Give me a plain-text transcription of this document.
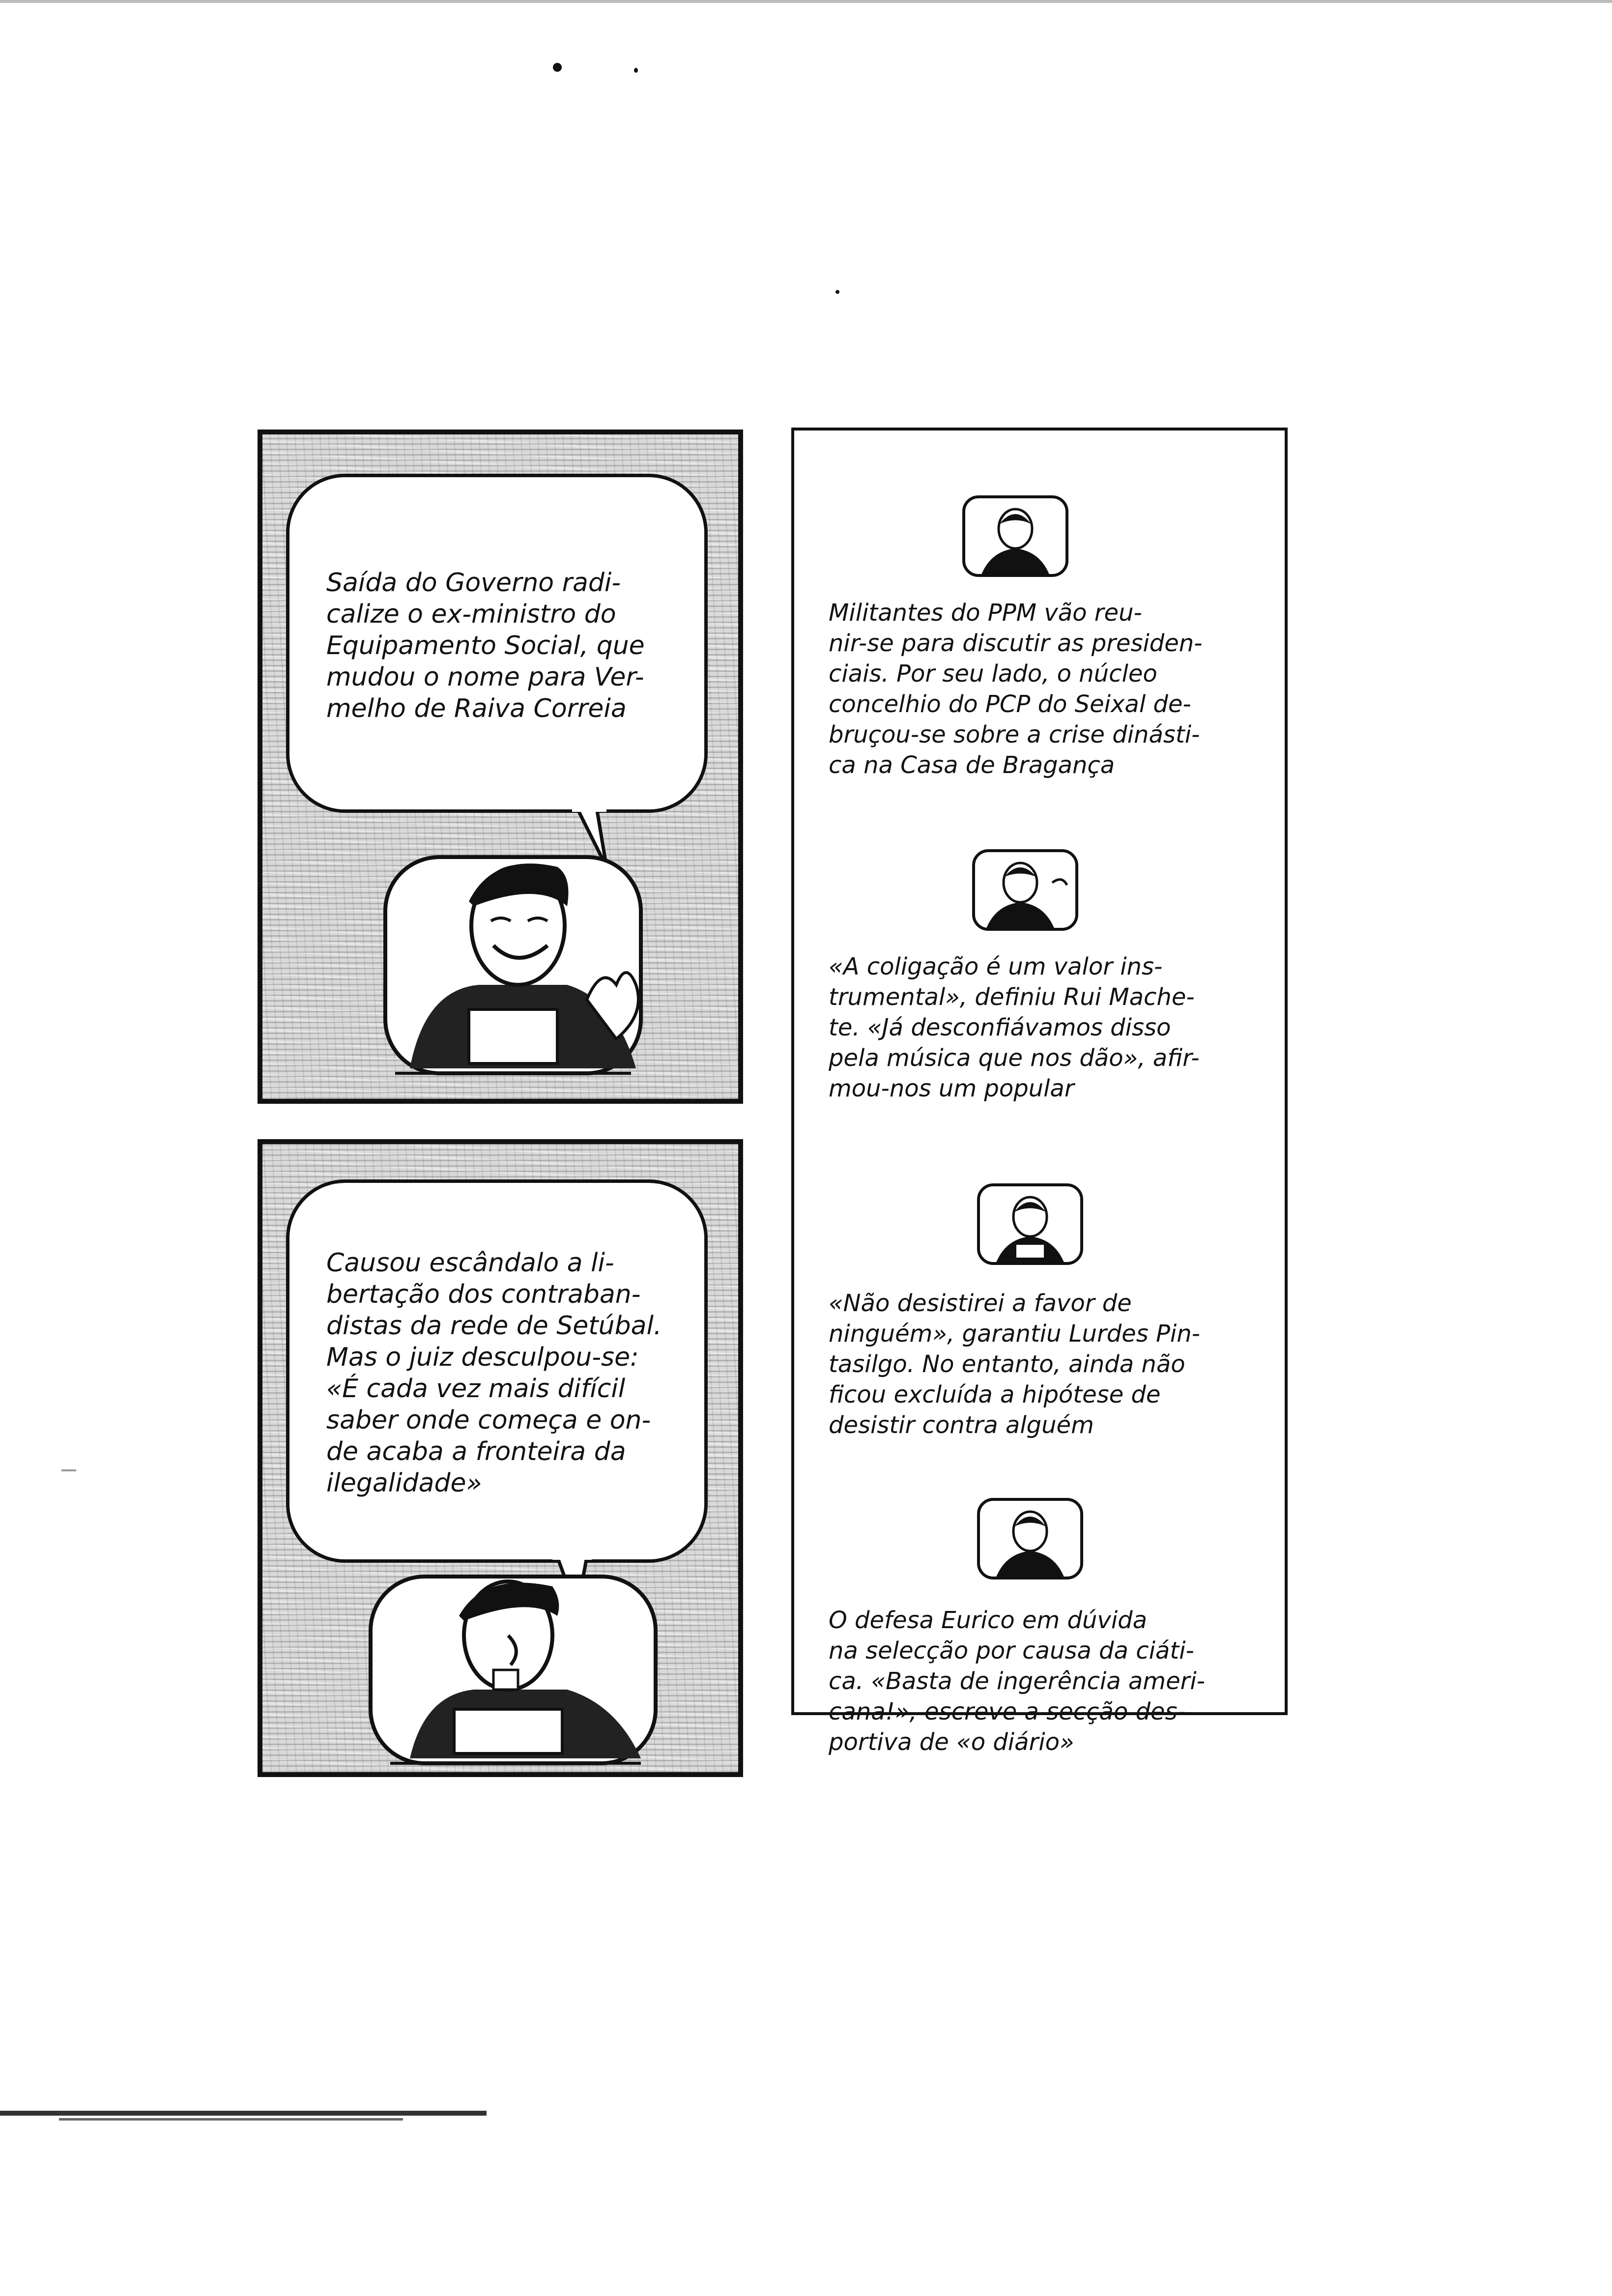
Saída do Governo radi-
calize o ex-ministro do
Equipamento Social, que
mudou o nome para Ver-
melho de Raiva Correia

Causou escândalo a li-
bertação dos contraban-
distas da rede de Setúbal.
Mas o juiz desculpou-se:
«É cada vez mais difícil
saber onde começa e on-
de acaba a fronteira da
ilegalidade»

Militantes do PPM vão reu-
nir-se para discutir as presiden-
ciais. Por seu lado, o núcleo
concelhio do PCP do Seixal de-
bruçou-se sobre a crise dinásti-
ca na Casa de Bragança

«A coligação é um valor ins-
trumental», definiu Rui Mache-
te. «Já desconfiávamos disso
pela música que nos dão», afir-
mou-nos um popular

«Não desistirei a favor de
ninguém», garantiu Lurdes Pin-
tasilgo. No entanto, ainda não
ficou excluída a hipótese de
desistir contra alguém

O defesa Eurico em dúvida
na selecção por causa da ciáti-
ca. «Basta de ingerência ameri-
cana!», escreve a secção des-
portiva de «o diário»
